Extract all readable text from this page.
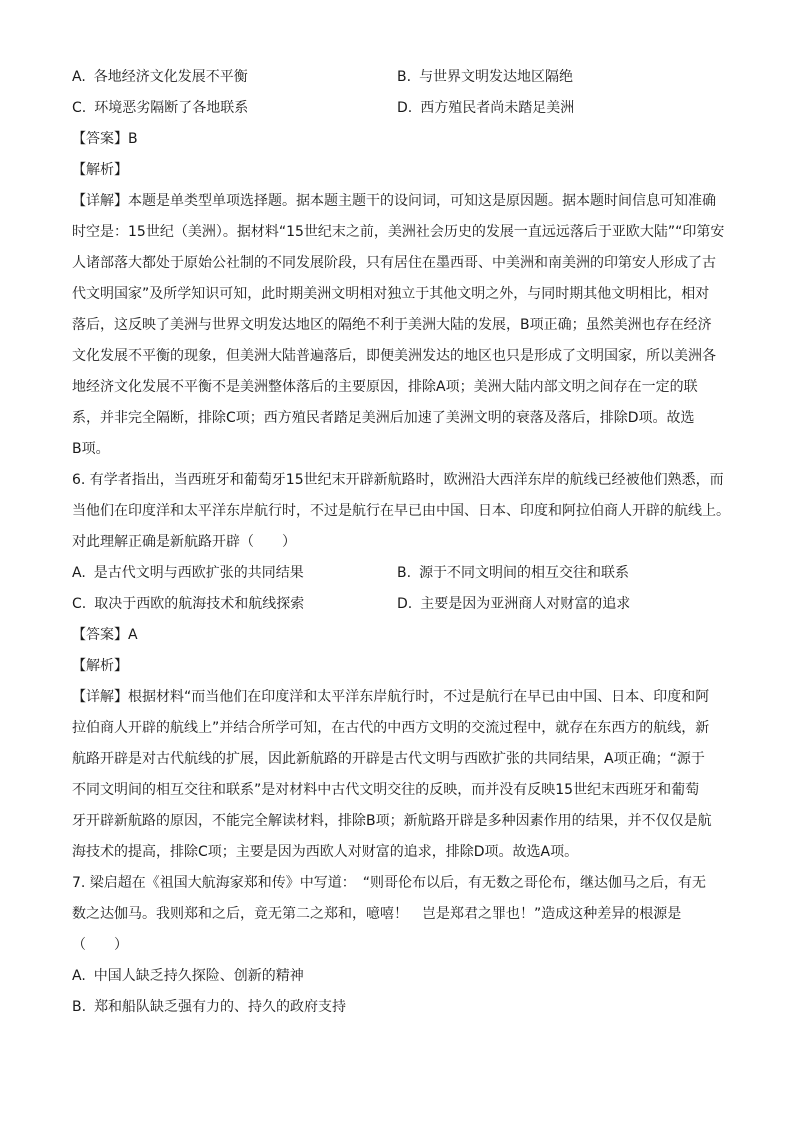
A. 各地经济文化发展不平衡	B. 与世界文明发达地区隔绝
C. 环境恶劣隔断了各地联系	D. 西方殖民者尚未踏足美洲
【答案】B
【解析】
【详解】本题是单类型单项选择题。据本题主题干的设问词，可知这是原因题。据本题时间信息可知准确
时空是：15世纪（美洲）。据材料“15世纪末之前，美洲社会历史的发展一直远远落后于亚欧大陆”“印第安
人诸部落大都处于原始公社制的不同发展阶段，只有居住在墨西哥、中美洲和南美洲的印第安人形成了古
代文明国家”及所学知识可知，此时期美洲文明相对独立于其他文明之外，与同时期其他文明相比，相对
落后，这反映了美洲与世界文明发达地区的隔绝不利于美洲大陆的发展，B项正确；虽然美洲也存在经济
文化发展不平衡的现象，但美洲大陆普遍落后，即便美洲发达的地区也只是形成了文明国家，所以美洲各
地经济文化发展不平衡不是美洲整体落后的主要原因，排除A项；美洲大陆内部文明之间存在一定的联
系，并非完全隔断，排除C项；西方殖民者踏足美洲后加速了美洲文明的衰落及落后，排除D项。故选
B项。
6. 有学者指出，当西班牙和葡萄牙15世纪末开辟新航路时，欧洲沿大西洋东岸的航线已经被他们熟悉，而
当他们在印度洋和太平洋东岸航行时，不过是航行在早已由中国、日本、印度和阿拉伯商人开辟的航线上。
对此理解正确是新航路开辟（　　）
A. 是古代文明与西欧扩张的共同结果	B. 源于不同文明间的相互交往和联系
C. 取决于西欧的航海技术和航线探索	D. 主要是因为亚洲商人对财富的追求
【答案】A
【解析】
【详解】根据材料“而当他们在印度洋和太平洋东岸航行时，不过是航行在早已由中国、日本、印度和阿
拉伯商人开辟的航线上”并结合所学可知，在古代的中西方文明的交流过程中，就存在东西方的航线，新
航路开辟是对古代航线的扩展，因此新航路的开辟是古代文明与西欧扩张的共同结果，A项正确；“源于
不同文明间的相互交往和联系”是对材料中古代文明交往的反映，而并没有反映15世纪末西班牙和葡萄
牙开辟新航路的原因，不能完全解读材料，排除B项；新航路开辟是多种因素作用的结果，并不仅仅是航
海技术的提高，排除C项；主要是因为西欧人对财富的追求，排除D项。故选A项。
7. 梁启超在《祖国大航海家郑和传》中写道：　“则哥伦布以后，有无数之哥伦布，继达伽马之后，有无
数之达伽马。我则郑和之后，竟无第二之郑和，噫嘻！　岂是郑君之罪也！”造成这种差异的根源是
（　　）
A. 中国人缺乏持久探险、创新的精神
B. 郑和船队缺乏强有力的、持久的政府支持
